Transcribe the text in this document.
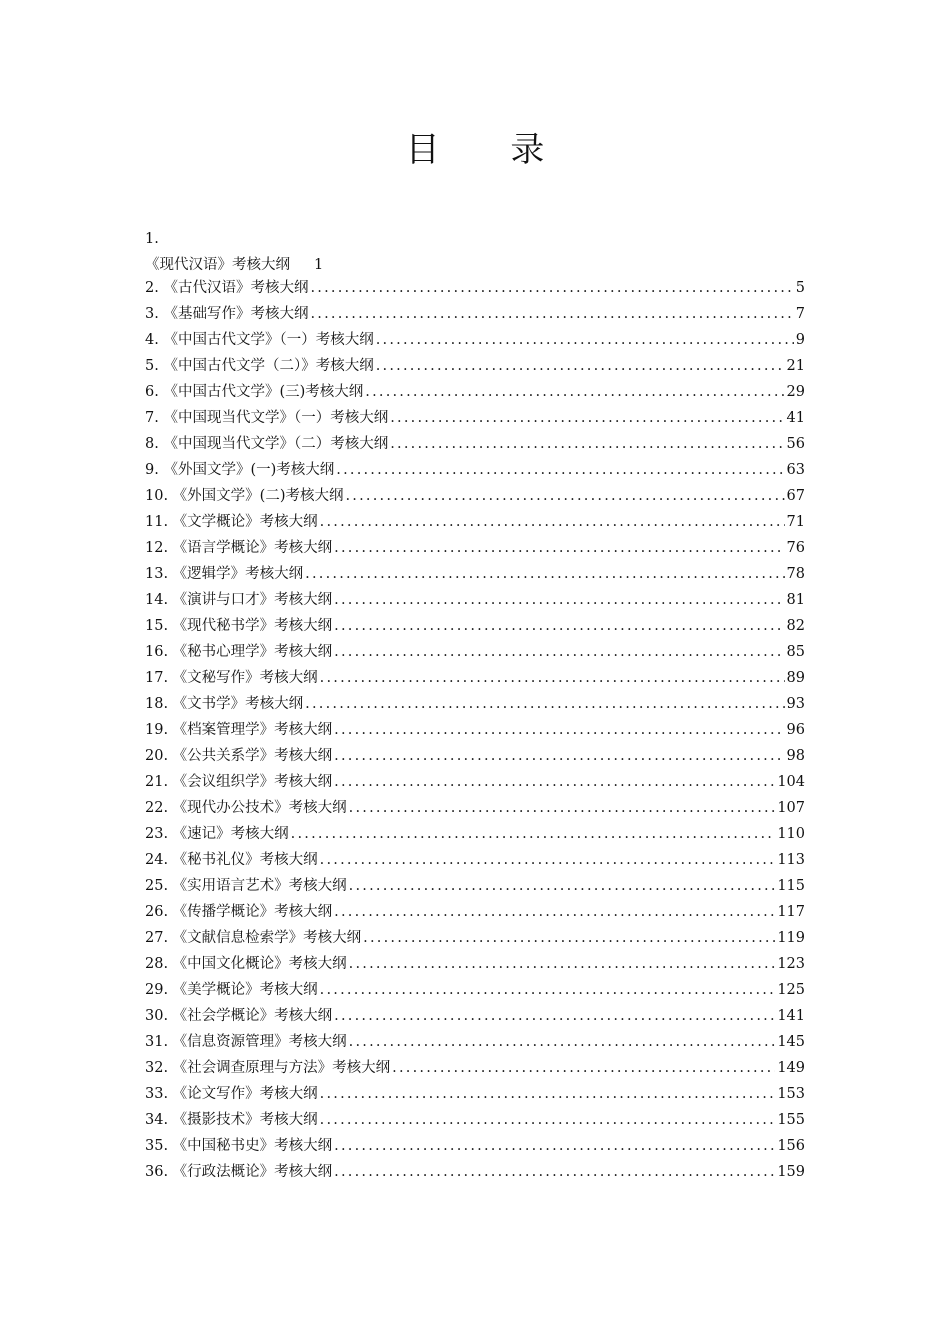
目 录
1.
《现代汉语》考核大纲 1
2. 《古代汉语》考核大纲 .....	5
3. 《基础写作》考核大纲 .....	7
4. 《中国古代文学》（一）考核大纲 .....	9
5. 《中国古代文学（二）》考核大纲 .....	21
6. 《中国古代文学》(三)考核大纲 .....	29
7. 《中国现当代文学》（一）考核大纲 .....	41
8. 《中国现当代文学》（二）考核大纲 .....	56
9. 《外国文学》(一)考核大纲 .....	63
10. 《外国文学》(二)考核大纲 .....	67
11. 《文学概论》考核大纲 .....	71
12. 《语言学概论》考核大纲 .....	76
13. 《逻辑学》考核大纲 .....	78
14. 《演讲与口才》考核大纲 .....	81
15. 《现代秘书学》考核大纲 .....	82
16. 《秘书心理学》考核大纲 .....	85
17. 《文秘写作》考核大纲 .....	89
18. 《文书学》考核大纲 .....	93
19. 《档案管理学》考核大纲 .....	96
20. 《公共关系学》考核大纲 .....	98
21. 《会议组织学》考核大纲 .....	104
22. 《现代办公技术》考核大纲 .....	107
23. 《速记》考核大纲 .....	110
24. 《秘书礼仪》考核大纲 .....	113
25. 《实用语言艺术》考核大纲 .....	115
26. 《传播学概论》考核大纲 .....	117
27. 《文献信息检索学》考核大纲 .....	119
28. 《中国文化概论》考核大纲 .....	123
29. 《美学概论》考核大纲 .....	125
30. 《社会学概论》考核大纲 .....	141
31. 《信息资源管理》考核大纲 .....	145
32. 《社会调查原理与方法》考核大纲 .....	149
33. 《论文写作》考核大纲 .....	153
34. 《摄影技术》考核大纲 .....	155
35. 《中国秘书史》考核大纲 .....	156
36. 《行政法概论》考核大纲 .....	159
